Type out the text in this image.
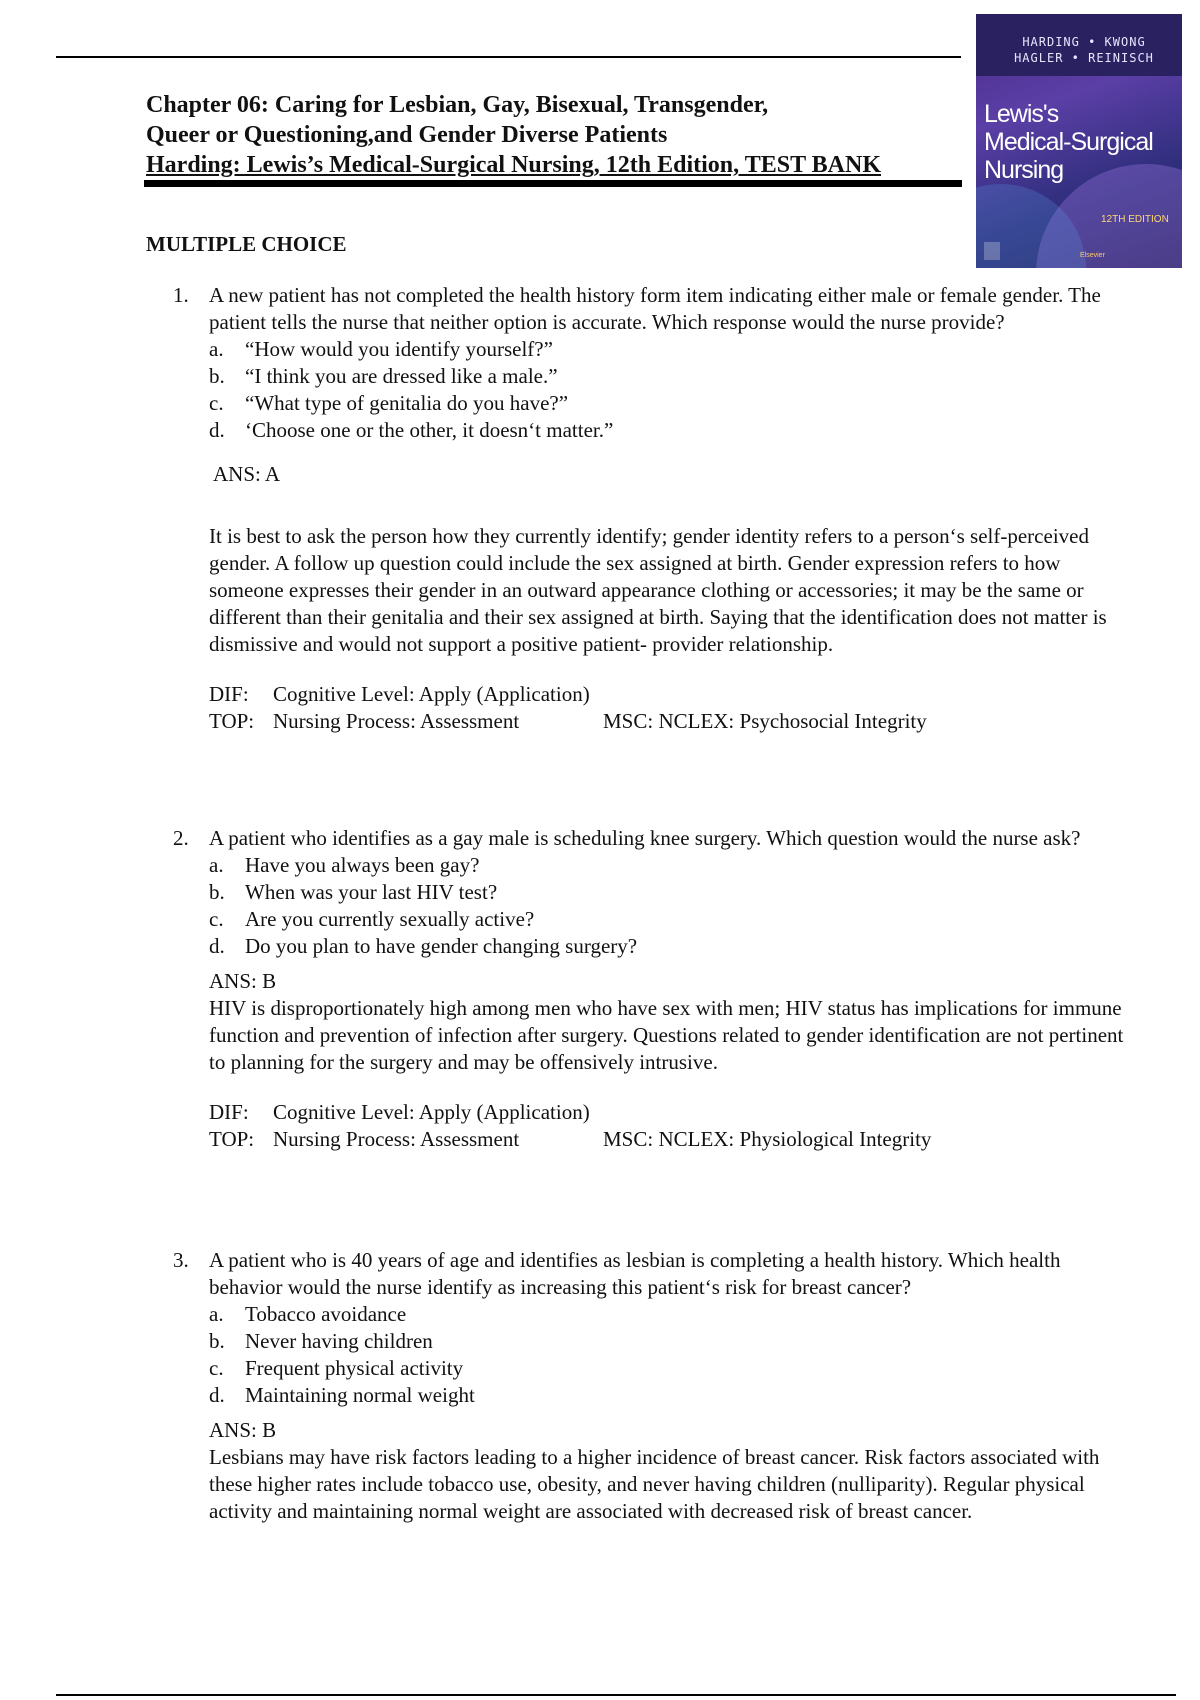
Chapter 06: Caring for Lesbian, Gay, Bisexual, Transgender,

Queer or Questioning,and Gender Diverse Patients

Harding: Lewis’s Medical-Surgical Nursing, 12th Edition, TEST BANK

HARDING • KWONG
HAGLER • REINISCH

Lewis's

Medical-Surgical

Nursing

12TH EDITION

Elsevier

MULTIPLE CHOICE

1. A new patient has not completed the health history form item indicating either male or female gender. The patient tells the nurse that neither option is accurate. Which response would the nurse provide?

a.	“How would you identify yourself?”
b. “I think you are dressed like a male.”
c.	“What type of genitalia do you have?”
d. ‘Choose one or the other, it doesn‘t matter.”

ANS: A

It is best to ask the person how they currently identify; gender identity refers to a person‘s self-perceived gender. A follow up question could include the sex assigned at birth. Gender expression refers to how someone expresses their gender in an outward appearance clothing or accessories; it may be the same or different than their genitalia and their sex assigned at birth. Saying that the identification does not matter is dismissive and would not support a positive patient- provider relationship.

DIF:	Cognitive Level: Apply (Application)

TOP: Nursing Process: Assessment	MSC: NCLEX: Psychosocial Integrity

2. A patient who identifies as a gay male is scheduling knee surgery. Which question would the nurse ask?

a.	Have you always been gay?
b. When was your last HIV test?
c.	Are you currently sexually active?
d. Do you plan to have gender changing surgery?

ANS: B

HIV is disproportionately high among men who have sex with men; HIV status has implications for immune function and prevention of infection after surgery. Questions related to gender identification are not pertinent to planning for the surgery and may be offensively intrusive.

DIF:	Cognitive Level: Apply (Application)

TOP: Nursing Process: Assessment	MSC: NCLEX: Physiological Integrity

3. A patient who is 40 years of age and identifies as lesbian is completing a health history. Which health behavior would the nurse identify as increasing this patient‘s risk for breast cancer?

a.	Tobacco avoidance
b. Never having children
c.	Frequent physical activity
d. Maintaining normal weight

ANS: B

Lesbians may have risk factors leading to a higher incidence of breast cancer. Risk factors associated with these higher rates include tobacco use, obesity, and never having children (nulliparity). Regular physical activity and maintaining normal weight are associated with decreased risk of breast cancer.
